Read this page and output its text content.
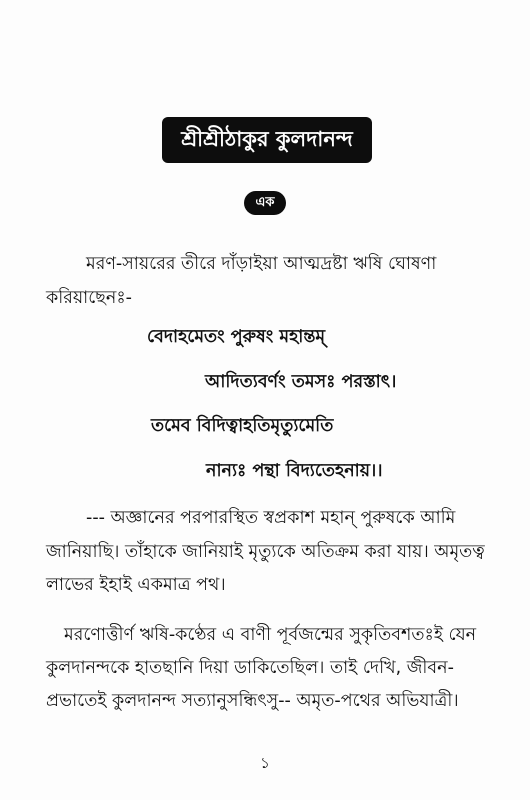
শ্রীশ্রীঠাকুর কুলদানন্দ
এক
মরণ-সায়রের তীরে দাঁড়াইয়া আত্মদ্রষ্টা ঋষি ঘোষণা
করিয়াছেনঃ-
বেদাহমেতং পুরুষং মহান্তম্‌
আদিত্যবর্ণং তমসঃ পরস্তাৎ।
তমেব বিদিত্বাহতিমৃত্যুমেতি
নান্যঃ পন্থা বিদ্যতেহনায়।।
--- অজ্ঞানের পরপারস্থিত স্বপ্রকাশ মহান্‌ পুরুষকে আমি
জানিয়াছি। তাঁহাকে জানিয়াই মৃত্যুকে অতিক্রম করা যায়। অমৃতত্ব
লাভের ইহাই একমাত্র পথ।
মরণোত্তীর্ণ ঋষি-কণ্ঠের এ বাণী পূর্বজন্মের সুকৃতিবশতঃই যেন
কুলদানন্দকে হাতছানি দিয়া ডাকিতেছিল। তাই দেখি, জীবন-
প্রভাতেই কুলদানন্দ সত্যানুসন্ধিৎসু-- অমৃত-পথের অভিযাত্রী।
১
